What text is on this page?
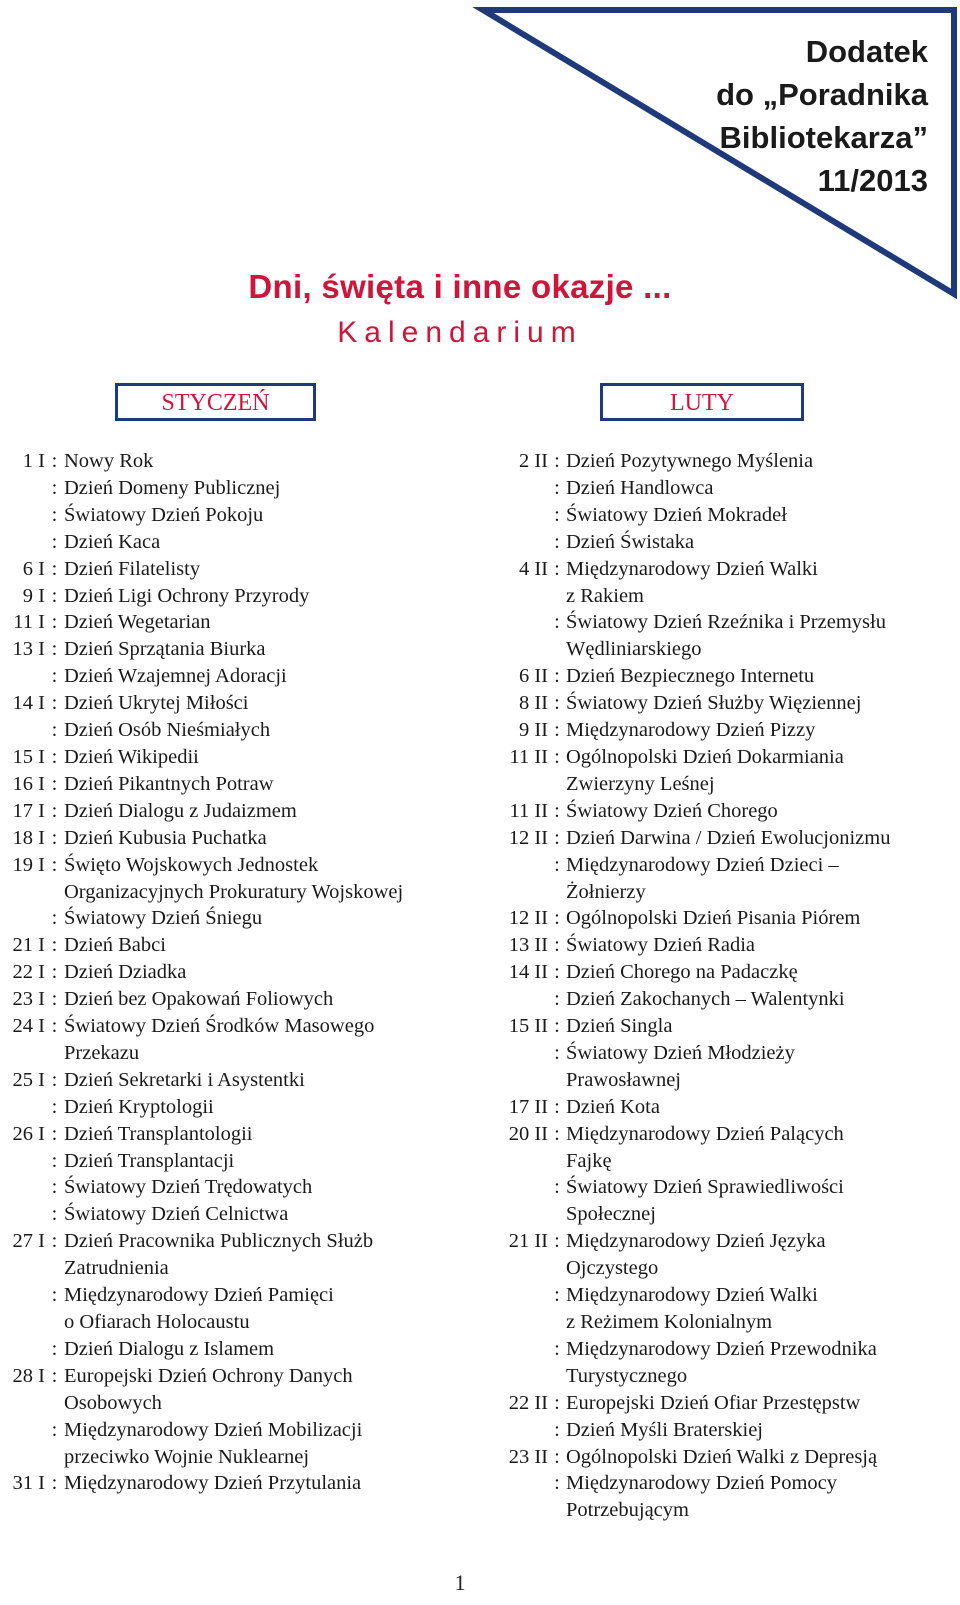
Dodatek
do „Poradnika
Bibliotekarza”
11/2013
Dni, święta i inne okazje ...
Kalendarium
STYCZEŃ	LUTY
1 I : Nowy Rok
: Dzień Domeny Publicznej
: Światowy Dzień Pokoju
: Dzień Kaca
6 I : Dzień Filatelisty
9 I : Dzień Ligi Ochrony Przyrody
11 I : Dzień Wegetarian
13 I : Dzień Sprzątania Biurka
: Dzień Wzajemnej Adoracji
14 I : Dzień Ukrytej Miłości
: Dzień Osób Nieśmiałych
15 I : Dzień Wikipedii
16 I : Dzień Pikantnych Potraw
17 I : Dzień Dialogu z Judaizmem
18 I : Dzień Kubusia Puchatka
19 I : Święto Wojskowych Jednostek
Organizacyjnych Prokuratury Wojskowej
: Światowy Dzień Śniegu
21 I : Dzień Babci
22 I : Dzień Dziadka
23 I : Dzień bez Opakowań Foliowych
24 I : Światowy Dzień Środków Masowego
Przekazu
25 I : Dzień Sekretarki i Asystentki
: Dzień Kryptologii
26 I : Dzień Transplantologii
: Dzień Transplantacji
: Światowy Dzień Trędowatych
: Światowy Dzień Celnictwa
27 I : Dzień Pracownika Publicznych Służb
Zatrudnienia
: Międzynarodowy Dzień Pamięci
o Ofiarach Holocaustu
: Dzień Dialogu z Islamem
28 I : Europejski Dzień Ochrony Danych
Osobowych
: Międzynarodowy Dzień Mobilizacji
przeciwko Wojnie Nuklearnej
31 I : Międzynarodowy Dzień Przytulania
2 II : Dzień Pozytywnego Myślenia
: Dzień Handlowca
: Światowy Dzień Mokradeł
: Dzień Świstaka
4 II : Międzynarodowy Dzień Walki
z Rakiem
: Światowy Dzień Rzeźnika i Przemysłu
Wędliniarskiego
6 II : Dzień Bezpiecznego Internetu
8 II : Światowy Dzień Służby Więziennej
9 II : Międzynarodowy Dzień Pizzy
11 II : Ogólnopolski Dzień Dokarmiania
Zwierzyny Leśnej
11 II : Światowy Dzień Chorego
12 II : Dzień Darwina / Dzień Ewolucjonizmu
: Międzynarodowy Dzień Dzieci –
Żołnierzy
12 II : Ogólnopolski Dzień Pisania Piórem
13 II : Światowy Dzień Radia
14 II : Dzień Chorego na Padaczkę
: Dzień Zakochanych – Walentynki
15 II : Dzień Singla
: Światowy Dzień Młodzieży
Prawosławnej
17 II : Dzień Kota
20 II : Międzynarodowy Dzień Palących
Fajkę
: Światowy Dzień Sprawiedliwości
Społecznej
21 II : Międzynarodowy Dzień Języka
Ojczystego
: Międzynarodowy Dzień Walki
z Reżimem Kolonialnym
: Międzynarodowy Dzień Przewodnika
Turystycznego
22 II : Europejski Dzień Ofiar Przestępstw
: Dzień Myśli Braterskiej
23 II : Ogólnopolski Dzień Walki z Depresją
: Międzynarodowy Dzień Pomocy
Potrzebującym
1
